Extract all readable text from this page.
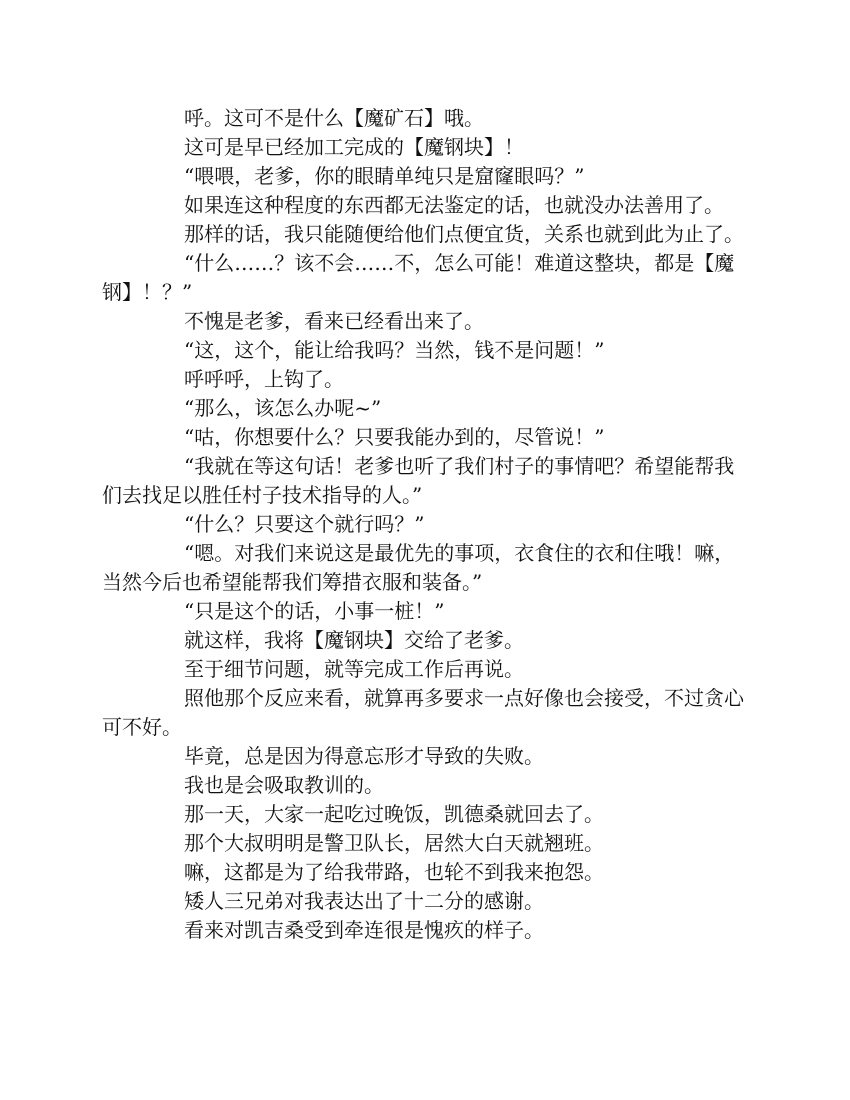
呼。这可不是什么【魔矿石】哦。

这可是早已经加工完成的【魔钢块】！

“喂喂，老爹，你的眼睛单纯只是窟窿眼吗？”

如果连这种程度的东西都无法鉴定的话，也就没办法善用了。

那样的话，我只能随便给他们点便宜货，关系也就到此为止了。

“什么……？该不会……不，怎么可能！难道这整块，都是【魔钢】！？”

不愧是老爹，看来已经看出来了。

“这，这个，能让给我吗？当然，钱不是问题！”

呼呼呼，上钩了。

“那么，该怎么办呢~”

“咕，你想要什么？只要我能办到的，尽管说！”

“我就在等这句话！老爹也听了我们村子的事情吧？希望能帮我们去找足以胜任村子技术指导的人。”

“什么？只要这个就行吗？”

“嗯。对我们来说这是最优先的事项，衣食住的衣和住哦！嘛，当然今后也希望能帮我们筹措衣服和装备。”

“只是这个的话，小事一桩！”

就这样，我将【魔钢块】交给了老爹。

至于细节问题，就等完成工作后再说。

照他那个反应来看，就算再多要求一点好像也会接受，不过贪心可不好。

毕竟，总是因为得意忘形才导致的失败。

我也是会吸取教训的。

那一天，大家一起吃过晚饭，凯德桑就回去了。

那个大叔明明是警卫队长，居然大白天就翘班。

嘛，这都是为了给我带路，也轮不到我来抱怨。

矮人三兄弟对我表达出了十二分的感谢。

看来对凯吉桑受到牵连很是愧疚的样子。
